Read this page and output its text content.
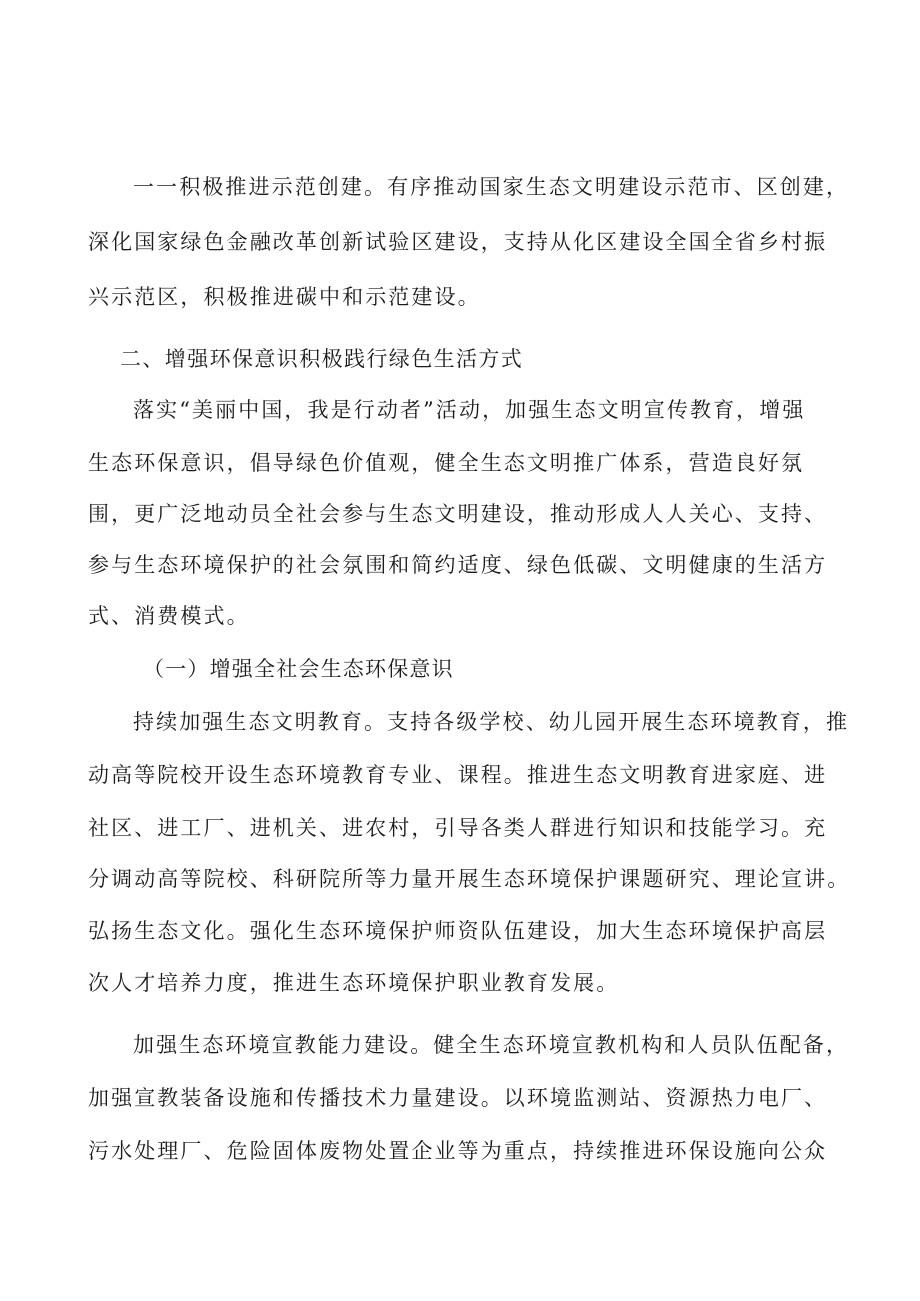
一一积极推进示范创建。有序推动国家生态文明建设示范市、区创建，
深化国家绿色金融改革创新试验区建设，支持从化区建设全国全省乡村振
兴示范区，积极推进碳中和示范建设。
二、增强环保意识积极践行绿色生活方式
落实“美丽中国，我是行动者”活动，加强生态文明宣传教育，增强
生态环保意识，倡导绿色价值观，健全生态文明推广体系，营造良好氛
围，更广泛地动员全社会参与生态文明建设，推动形成人人关心、支持、
参与生态环境保护的社会氛围和简约适度、绿色低碳、文明健康的生活方
式、消费模式。
（一）增强全社会生态环保意识
持续加强生态文明教育。支持各级学校、幼儿园开展生态环境教育，推
动高等院校开设生态环境教育专业、课程。推进生态文明教育进家庭、进
社区、进工厂、进机关、进农村，引导各类人群进行知识和技能学习。充
分调动高等院校、科研院所等力量开展生态环境保护课题研究、理论宣讲。
弘扬生态文化。强化生态环境保护师资队伍建设，加大生态环境保护高层
次人才培养力度，推进生态环境保护职业教育发展。
加强生态环境宣教能力建设。健全生态环境宣教机构和人员队伍配备，
加强宣教装备设施和传播技术力量建设。以环境监测站、资源热力电厂、
污水处理厂、危险固体废物处置企业等为重点，持续推进环保设施向公众
